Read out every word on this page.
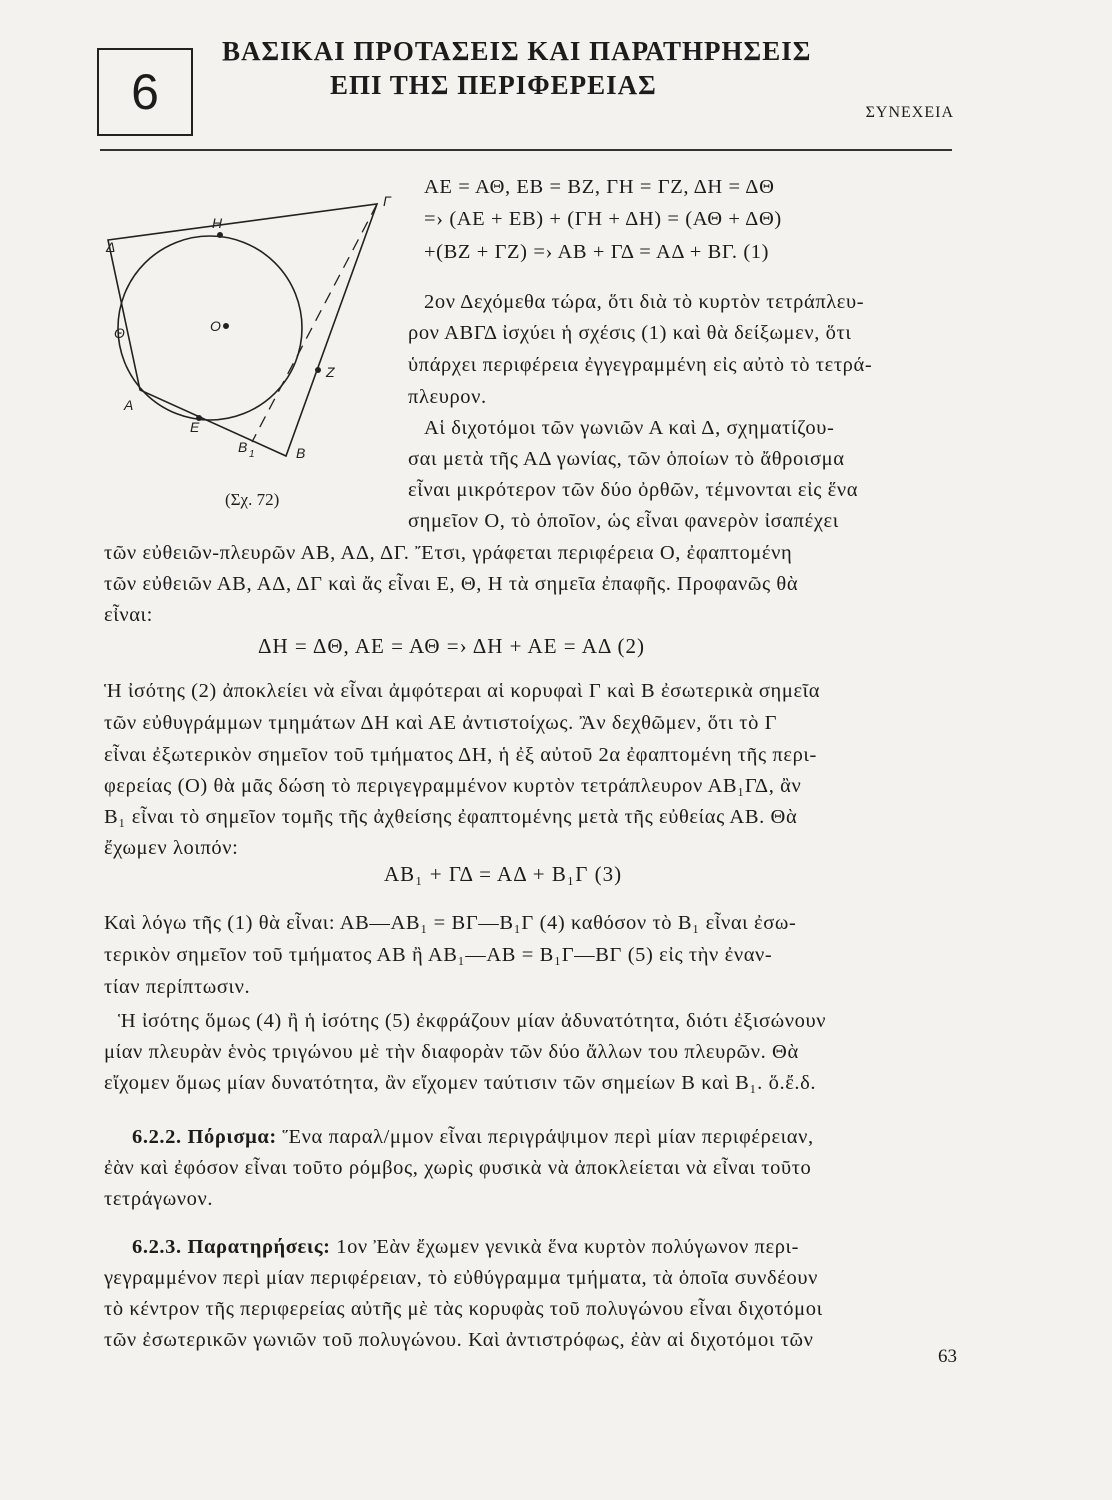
6
ΒΑΣΙΚΑΙ ΠΡΟΤΑΣΕΙΣ ΚΑΙ ΠΑΡΑΤΗΡΗΣΕΙΣ
ΕΠΙ ΤΗΣ ΠΕΡΙΦΕΡΕΙΑΣ
ΣΥΝΕΧΕΙΑ
Γ
Η
Δ
Θ	O
Z
A
E
B 1	B
(Σχ. 72)
ΑΕ = ΑΘ, ΕΒ = ΒΖ, ΓΗ = ΓΖ, ΔΗ = ΔΘ
=› (ΑΕ + ΕΒ) + (ΓΗ + ΔΗ) = (ΑΘ + ΔΘ)
+(ΒΖ + ΓΖ) =› ΑΒ + ΓΔ = ΑΔ + ΒΓ. (1)
2ον Δεχόμεθα τώρα, ὅτι διὰ τὸ κυρτὸν τετράπλευ-
ρον ΑΒΓΔ ἰσχύει ἡ σχέσις (1) καὶ θὰ δείξωμεν, ὅτι
ὑπάρχει περιφέρεια ἐγγεγραμμένη εἰς αὐτὸ τὸ τετρά-
πλευρον.
Αἱ διχοτόμοι τῶν γωνιῶν Α καὶ Δ, σχηματίζου-
σαι μετὰ τῆς ΑΔ γωνίας, τῶν ὁποίων τὸ ἄθροισμα
εἶναι μικρότερον τῶν δύο ὀρθῶν, τέμνονται εἰς ἕνα
σημεῖον Ο, τὸ ὁποῖον, ὡς εἶναι φανερὸν ἰσαπέχει
τῶν εὐθειῶν-πλευρῶν ΑΒ, ΑΔ, ΔΓ. Ἔτσι, γράφεται περιφέρεια Ο, ἐφαπτομένη
τῶν εὐθειῶν ΑΒ, ΑΔ, ΔΓ καὶ ἄς εἶναι Ε, Θ, Η τὰ σημεῖα ἐπαφῆς. Προφανῶς θὰ
εἶναι:
ΔΗ = ΔΘ, ΑΕ = ΑΘ =› ΔΗ + ΑΕ = ΑΔ (2)
Ἡ ἰσότης (2) ἀποκλείει νὰ εἶναι ἀμφότεραι αἱ κορυφαὶ Γ καὶ Β ἐσωτερικὰ σημεῖα
τῶν εὐθυγράμμων τμημάτων ΔΗ καὶ ΑΕ ἀντιστοίχως. Ἂν δεχθῶμεν, ὅτι τὸ Γ
εἶναι ἐξωτερικὸν σημεῖον τοῦ τμήματος ΔΗ, ἡ ἐξ αὐτοῦ 2α ἐφαπτομένη τῆς περι-
φερείας (Ο) θὰ μᾶς δώση τὸ περιγεγραμμένον κυρτὸν τετράπλευρον ΑΒ₁ΓΔ, ἂν
Β₁ εἶναι τὸ σημεῖον τομῆς τῆς ἀχθείσης ἐφαπτομένης μετὰ τῆς εὐθείας ΑΒ. Θὰ
ἔχωμεν λοιπόν:
ΑΒ₁ + ΓΔ = ΑΔ + Β₁Γ (3)
Καὶ λόγω τῆς (1) θὰ εἶναι: ΑΒ—ΑΒ₁ = ΒΓ—Β₁Γ (4) καθόσον τὸ Β₁ εἶναι ἐσω-
τερικὸν σημεῖον τοῦ τμήματος ΑΒ ἢ ΑΒ₁—ΑΒ = Β₁Γ—ΒΓ (5) εἰς τὴν ἐναν-
τίαν περίπτωσιν.
Ἡ ἰσότης ὅμως (4) ἢ ἡ ἰσότης (5) ἐκφράζουν μίαν ἀδυνατότητα, διότι ἐξισώνουν
μίαν πλευρὰν ἑνὸς τριγώνου μὲ τὴν διαφορὰν τῶν δύο ἄλλων του πλευρῶν. Θὰ
εἴχομεν ὅμως μίαν δυνατότητα, ἂν εἴχομεν ταύτισιν τῶν σημείων Β καὶ Β₁. ὅ.ἔ.δ.
6.2.2. Πόρισμα: Ἕνα παραλ/μμον εἶναι περιγράψιμον περὶ μίαν περιφέρειαν,
ἐὰν καὶ ἐφόσον εἶναι τοῦτο ρόμβος, χωρὶς φυσικὰ νὰ ἀποκλείεται νὰ εἶναι τοῦτο
τετράγωνον.
6.2.3. Παρατηρήσεις: 1ον Ἐὰν ἔχωμεν γενικὰ ἕνα κυρτὸν πολύγωνον περι-
γεγραμμένον περὶ μίαν περιφέρειαν, τὸ εὐθύγραμμα τμήματα, τὰ ὁποῖα συνδέουν
τὸ κέντρον τῆς περιφερείας αὐτῆς μὲ τὰς κορυφὰς τοῦ πολυγώνου εἶναι διχοτόμοι
τῶν ἐσωτερικῶν γωνιῶν τοῦ πολυγώνου. Καὶ ἀντιστρόφως, ἐὰν αἱ διχοτόμοι τῶν
63
